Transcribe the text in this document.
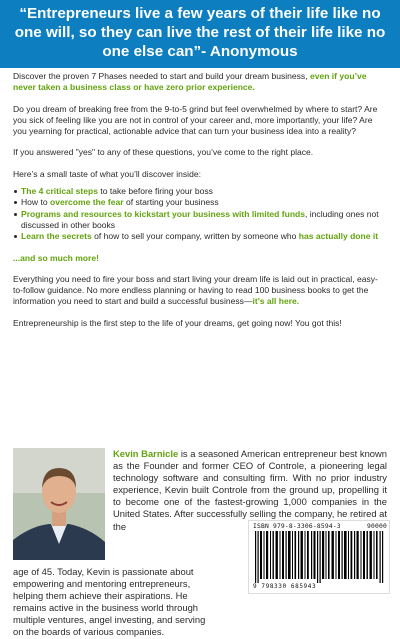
“Entrepreneurs live a few years of their life like no one will, so they can live the rest of their life like no one else can”- Anonymous

Discover the proven 7 Phases needed to start and build your dream business, even if you’ve never taken a business class or have zero prior experience.

Do you dream of breaking free from the 9-to-5 grind but feel overwhelmed by where to start? Are you sick of feeling like you are not in control of your career and, more importantly, your life? Are you yearning for practical, actionable advice that can turn your business idea into a reality?

If you answered "yes" to any of these questions, you’ve come to the right place.

Here’s a small taste of what you’ll discover inside:

The 4 critical steps to take before firing your boss
How to overcome the fear of starting your business
Programs and resources to kickstart your business with limited funds, including ones not discussed in other books
Learn the secrets of how to sell your company, written by someone who has actually done it

...and so much more!

Everything you need to fire your boss and start living your dream life is laid out in practical, easy-to-follow guidance. No more endless planning or having to read 100 business books to get the information you need to start and build a successful business—it’s all here.

Entrepreneurship is the first step to the life of your dreams, get going now! You got this!

Kevin Barnicle is a seasoned American entrepreneur best known as the Founder and former CEO of Controle, a pioneering legal technology software and consulting firm. With no prior industry experience, Kevin built Controle from the ground up, propelling it to become one of the fastest-growing 1,000 companies in the United States. After successfully selling the company, he retired at the
age of 45. Today, Kevin is passionate about empowering and mentoring entrepreneurs, helping them achieve their aspirations. He remains active in the business world through multiple ventures, angel investing, and serving on the boards of various companies.
ISBN 979-8-3306-8594-3	90000
9 798330 685943
